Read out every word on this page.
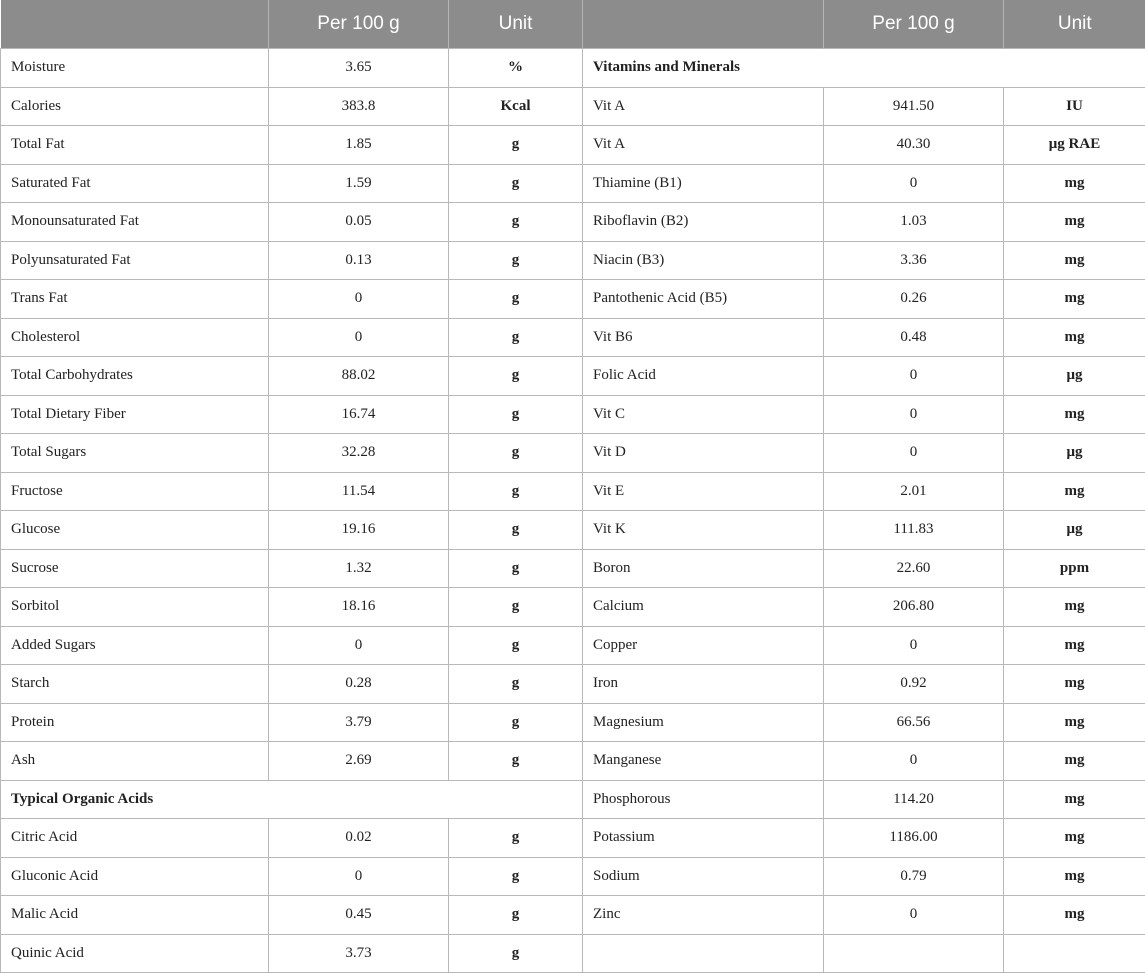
	Per 100 g	Unit		Per 100 g	Unit
Moisture	3.65	%	Vitamins and Minerals		
Calories	383.8	Kcal	Vit A	941.50	IU
Total Fat	1.85	g	Vit A	40.30	μg RAE
Saturated Fat	1.59	g	Thiamine (B1)	0	mg
Monounsaturated Fat	0.05	g	Riboflavin (B2)	1.03	mg
Polyunsaturated Fat	0.13	g	Niacin (B3)	3.36	mg
Trans Fat	0	g	Pantothenic Acid (B5)	0.26	mg
Cholesterol	0	g	Vit B6	0.48	mg
Total Carbohydrates	88.02	g	Folic Acid	0	μg
Total Dietary Fiber	16.74	g	Vit C	0	mg
Total Sugars	32.28	g	Vit D	0	μg
Fructose	11.54	g	Vit E	2.01	mg
Glucose	19.16	g	Vit K	111.83	μg
Sucrose	1.32	g	Boron	22.60	ppm
Sorbitol	18.16	g	Calcium	206.80	mg
Added Sugars	0	g	Copper	0	mg
Starch	0.28	g	Iron	0.92	mg
Protein	3.79	g	Magnesium	66.56	mg
Ash	2.69	g	Manganese	0	mg
Typical Organic Acids			Phosphorous	114.20	mg
Citric Acid	0.02	g	Potassium	1186.00	mg
Gluconic Acid	0	g	Sodium	0.79	mg
Malic Acid	0.45	g	Zinc	0	mg
Quinic Acid	3.73	g			
